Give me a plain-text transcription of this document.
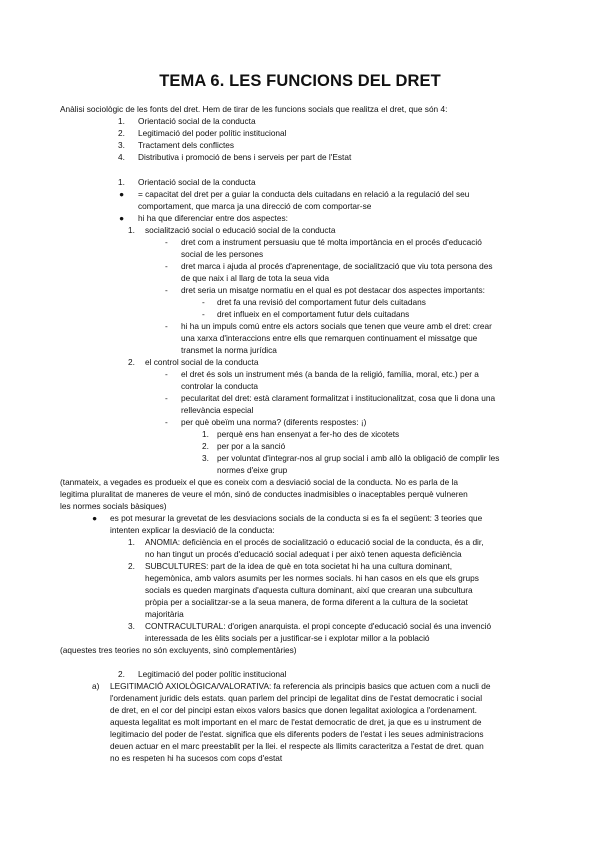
TEMA 6. LES FUNCIONS DEL DRET
Anàlisi sociològic de les fonts del dret. Hem de tirar de les funcions socials que realitza el dret, que són 4:
1. Orientació social de la conducta
2. Legitimació del poder polític institucional
3. Tractament dels conflictes
4. Distributiva i promoció de bens i serveis per part de l'Estat
1. Orientació social de la conducta
● = capacitat del dret per a guiar la conducta dels cuitadans en relació a la regulació del seu
comportament, que marca ja una direcció de com comportar-se
● hi ha que diferenciar entre dos aspectes:
1. socialització social o educació social de la conducta
- dret com a instrument persuasiu que té molta importància en el procés d'educació
social de les persones
- dret marca i ajuda al procés d'aprenentage, de socialització que viu tota persona des
de que naix i al llarg de tota la seua vida
- dret seria un misatge normatiu en el qual es pot destacar dos aspectes importants:
- dret fa una revisió del comportament futur dels cuitadans
- dret influeix en el comportament futur dels cuitadans
- hi ha un impuls comú entre els actors socials que tenen que veure amb el dret: crear
una xarxa d'interaccions entre ells que remarquen continuament el missatge que
transmet la norma jurídica
2. el control social de la conducta
- el dret és sols un instrument més (a banda de la religió, família, moral, etc.) per a
controlar la conducta
- pecularitat del dret: està clarament formalitzat i institucionalitzat, cosa que li dona una
rellevància especial
- per què obeïm una norma? (diferents respostes: ¡)
1. perquè ens han ensenyat a fer-ho des de xicotets
2. per por a la sanció
3. per voluntat d'integrar-nos al grup social i amb allò la obligació de complir les
normes d'eixe grup
(tanmateix, a vegades es produeix el que es coneix com a desviació social de la conducta. No es parla de la
legitima pluralitat de maneres de veure el món, sinó de conductes inadmisibles o inaceptables perquè vulneren
les normes socials bàsiques)
● es pot mesurar la grevetat de les desviacions socials de la conducta si es fa el següent: 3 teories que
intenten explicar la desviació de la conducta:
1. ANOMIA: deficiència en el procés de socialització o educació social de la conducta, és a dir,
no han tingut un procés d'educació social adequat i per això tenen aquesta deficiència
2. SUBCULTURES: part de la idea de què en tota societat hi ha una cultura dominant,
hegemònica, amb valors asumits per les normes socials. hi han casos en els que els grups
socials es queden marginats d'aquesta cultura dominant, així que crearan una subcultura
pròpia per a socialitzar-se a la seua manera, de forma diferent a la cultura de la societat
majoritària
3. CONTRACULTURAL: d'origen anarquista. el propi concepte d'educació social és una invenció
interessada de les èlits socials per a justificar-se i explotar millor a la població
(aquestes tres teories no són excluyents, sinò complementàries)
2. Legitimació del poder polític institucional
a) LEGITIMACIÓ AXIOLÒGICA/VALORATIVA: fa referencia als principis basics que actuen com a nucli de
l'ordenament juridic dels estats. quan parlem del principi de legalitat dins de l'estat democratic i social
de dret, en el cor del pincipi estan eixos valors basics que donen legalitat axiologica a l'ordenament.
aquesta legalitat es molt important en el marc de l'estat democratic de dret, ja que es u instrument de
legitimacio del poder de l'estat. significa que els diferents poders de l'estat i les seues administracions
deuen actuar en el marc preestablit per la llei. el respecte als llimits caracteritza a l'estat de dret. quan
no es respeten hi ha sucesos com cops d'estat
